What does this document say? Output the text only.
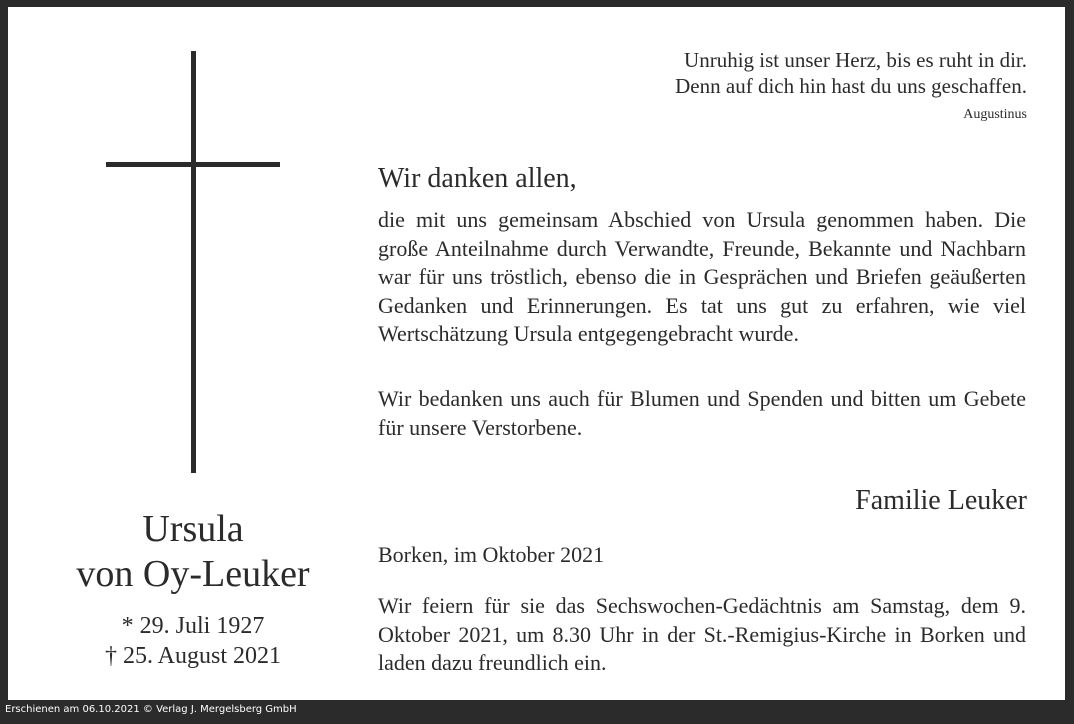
Unruhig ist unser Herz, bis es ruht in dir.
Denn auf dich hin hast du uns geschaffen.
Augustinus
Wir danken allen,

die mit uns gemeinsam Abschied von Ursula genommen haben. Die große Anteilnahme durch Verwandte, Freunde, Bekannte und Nachbarn war für uns tröstlich, ebenso die in Gesprächen und Briefen geäußerten Gedanken und Erinnerungen. Es tat uns gut zu erfahren, wie viel Wertschätzung Ursula entgegengebracht wurde.

Wir bedanken uns auch für Blumen und Spenden und bitten um Gebete für unsere Verstorbene.

Familie Leuker
Borken, im Oktober 2021

Wir feiern für sie das Sechswochen-Gedächtnis am Samstag, dem 9. Oktober 2021, um 8.30 Uhr in der St.-Remigius-Kirche in Borken und laden dazu freundlich ein.

Ursula
von Oy-Leuker
* 29. Juli 1927
† 25. August 2021
Erschienen am 06.10.2021 © Verlag J. Mergelsberg GmbH
